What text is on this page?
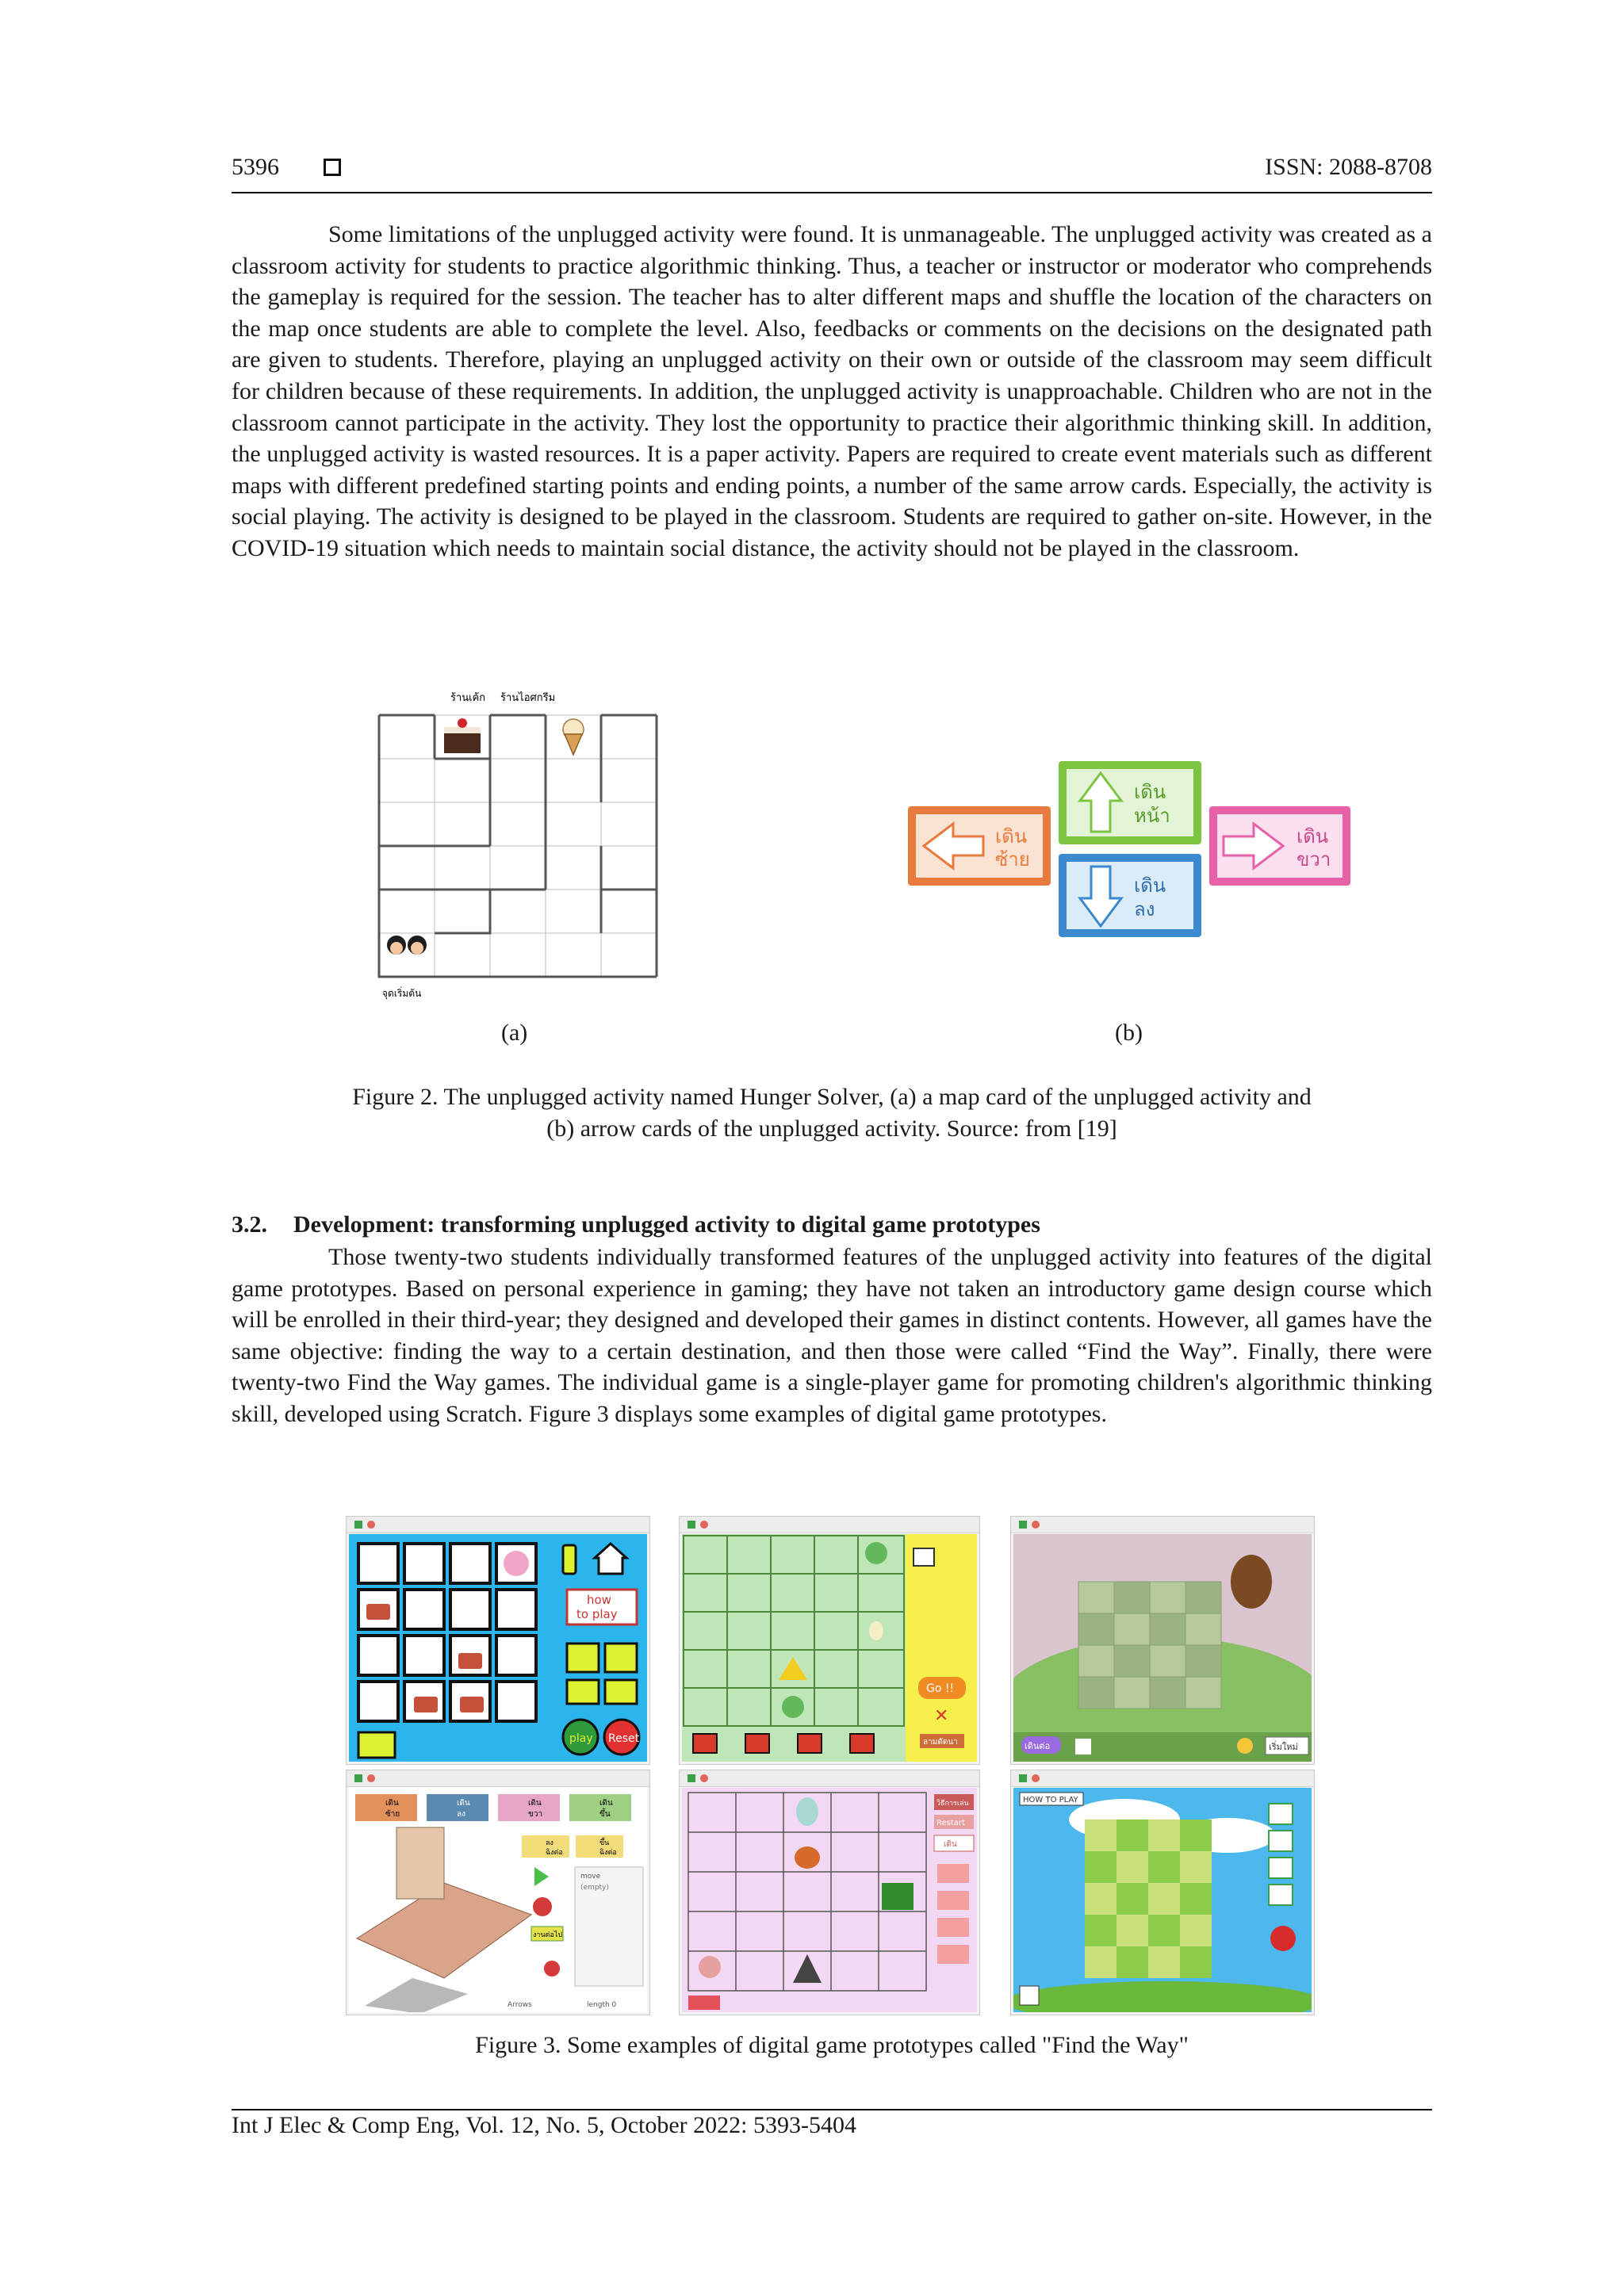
5396	ISSN: 2088-8708

Some limitations of the unplugged activity were found. It is unmanageable. The unplugged activity was created as a classroom activity for students to practice algorithmic thinking. Thus, a teacher or instructor or moderator who comprehends the gameplay is required for the session. The teacher has to alter different maps and shuffle the location of the characters on the map once students are able to complete the level. Also, feedbacks or comments on the decisions on the designated path are given to students. Therefore, playing an unplugged activity on their own or outside of the classroom may seem difficult for children because of these requirements. In addition, the unplugged activity is unapproachable. Children who are not in the classroom cannot participate in the activity. They lost the opportunity to practice their algorithmic thinking skill. In addition, the unplugged activity is wasted resources. It is a paper activity. Papers are required to create event materials such as different maps with different predefined starting points and ending points, a number of the same arrow cards. Especially, the activity is social playing. The activity is designed to be played in the classroom. Students are required to gather on-site. However, in the COVID-19 situation which needs to maintain social distance, the activity should not be played in the classroom.

ร้านเค้ก ร้านไอศกรีม
จุดเริ่มต้น
เดิน
ซ้าย
เดิน
หน้า
เดิน
ลง
เดิน
ขวา
(a)	(b)
Figure 2. The unplugged activity named Hunger Solver, (a) a map card of the unplugged activity and
(b) arrow cards of the unplugged activity. Source: from [19]
3.2. Development: transforming unplugged activity to digital game prototypes

Those twenty-two students individually transformed features of the unplugged activity into features of the digital game prototypes. Based on personal experience in gaming; they have not taken an introductory game design course which will be enrolled in their third-year; they designed and developed their games in distinct contents. However, all games have the same objective: finding the way to a certain destination, and then those were called “Find the Way”. Finally, there were twenty-two Find the Way games. The individual game is a single-player game for promoting children's algorithmic thinking skill, developed using Scratch. Figure 3 displays some examples of digital game prototypes.

how
to play
play Reset
Go !!
✕
ลามดัดนา	เดินต่อ	เริ่มใหม่
เดิน
ซ้าย
เดิน
ลง
เดิน
ขวา
เดิน
ขึ้น
ลง
ฉิงต่อ
ขึ้น
ฉิงต่อ
งานต่อไป
move
(empty)
Arrows	length 0
วิธีการเล่น
Restart
เดิน
HOW TO PLAY
Figure 3. Some examples of digital game prototypes called "Find the Way"
Int J Elec & Comp Eng, Vol. 12, No. 5, October 2022: 5393-5404
